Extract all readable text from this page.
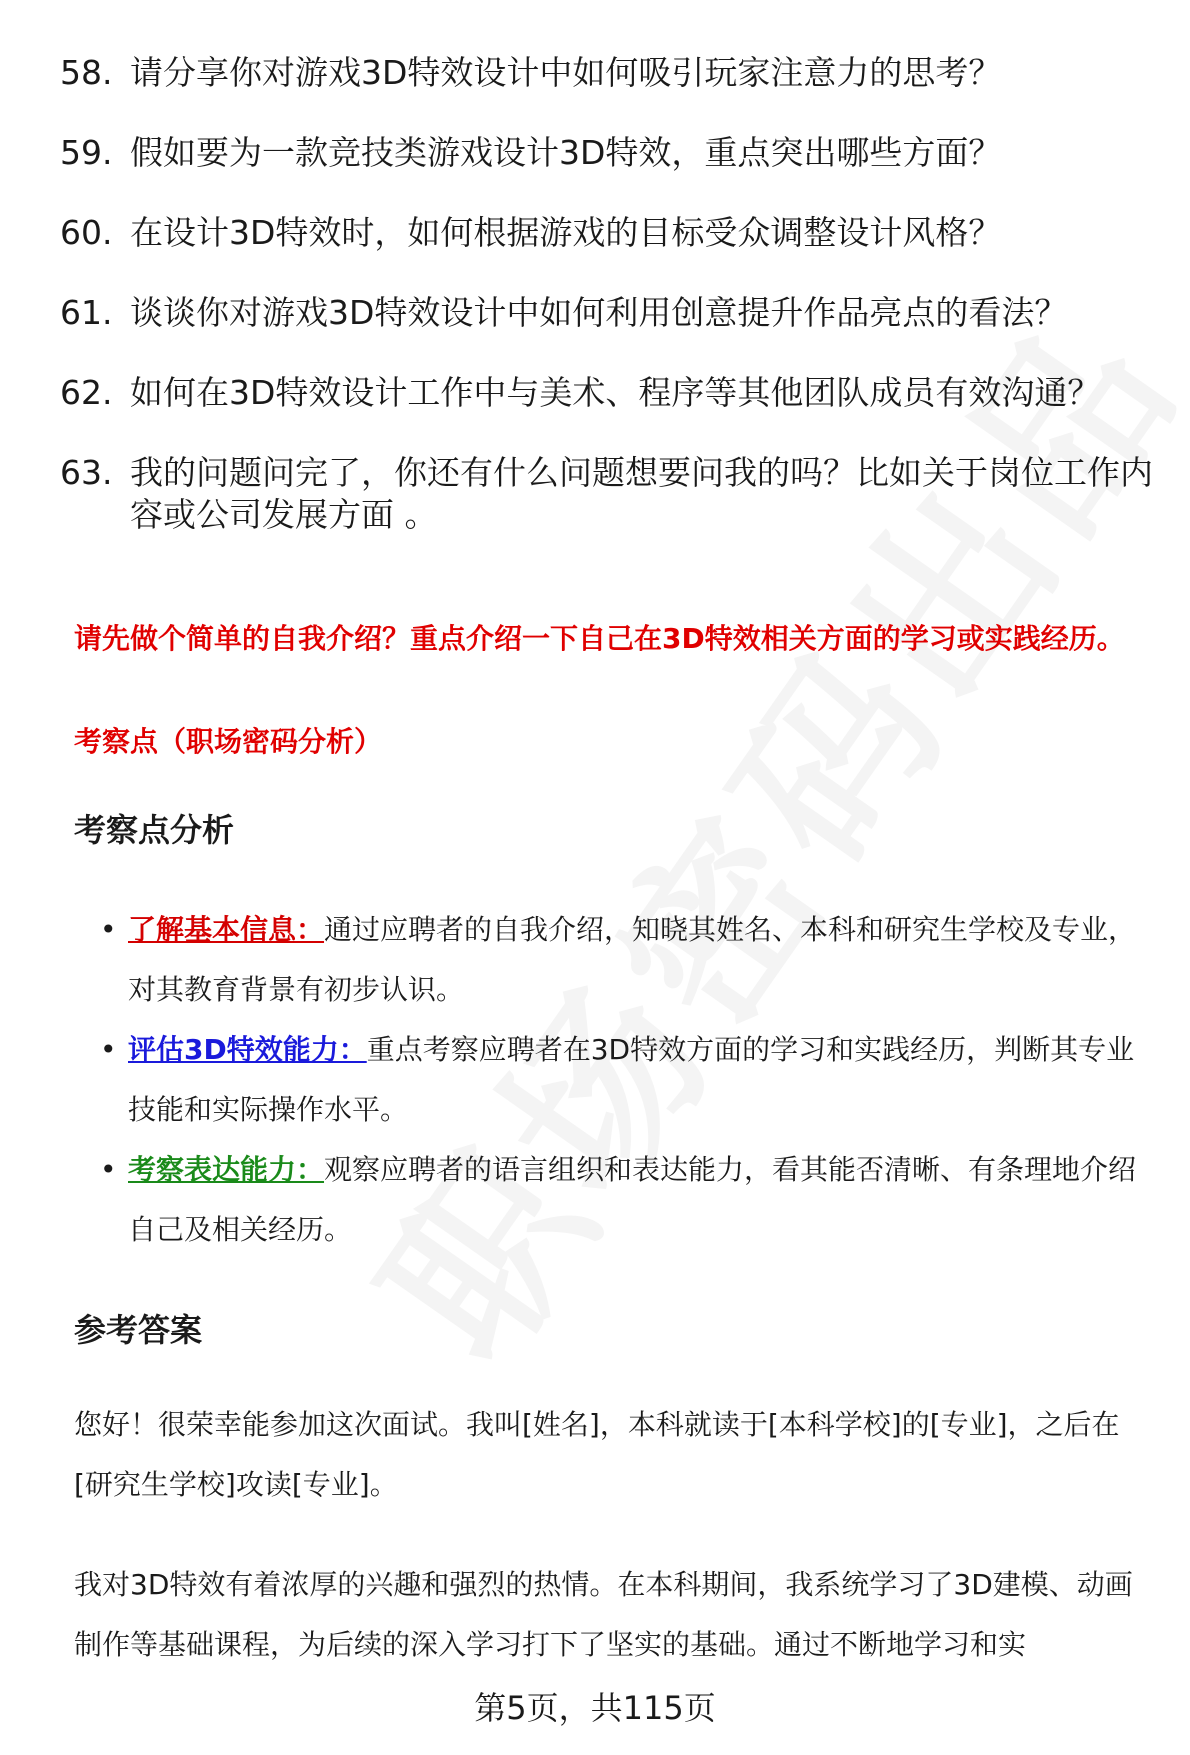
58. 请分享你对游戏3D特效设计中如何吸引玩家注意力的思考？
59. 假如要为一款竞技类游戏设计3D特效，重点突出哪些方面？
60. 在设计3D特效时，如何根据游戏的目标受众调整设计风格？
61. 谈谈你对游戏3D特效设计中如何利用创意提升作品亮点的看法？
62. 如何在3D特效设计工作中与美术、程序等其他团队成员有效沟通？
63. 我的问题问完了，你还有什么问题想要问我的吗？比如关于岗位工作内容或公司发展方面 。
请先做个简单的自我介绍？重点介绍一下自己在3D特效相关方面的学习或实践经历。
考察点（职场密码分析）
考察点分析
• 了解基本信息：通过应聘者的自我介绍，知晓其姓名、本科和研究生学校及专业，对其教育背景有初步认识。
• 评估3D特效能力：重点考察应聘者在3D特效方面的学习和实践经历，判断其专业技能和实际操作水平。
• 考察表达能力：观察应聘者的语言组织和表达能力，看其能否清晰、有条理地介绍自己及相关经历。
参考答案
您好！很荣幸能参加这次面试。我叫[姓名]，本科就读于[本科学校]的[专业]，之后在[研究生学校]攻读[专业]。
我对3D特效有着浓厚的兴趣和强烈的热情。在本科期间，我系统学习了3D建模、动画制作等基础课程，为后续的深入学习打下了坚实的基础。通过不断地学习和实
第5页，共115页
